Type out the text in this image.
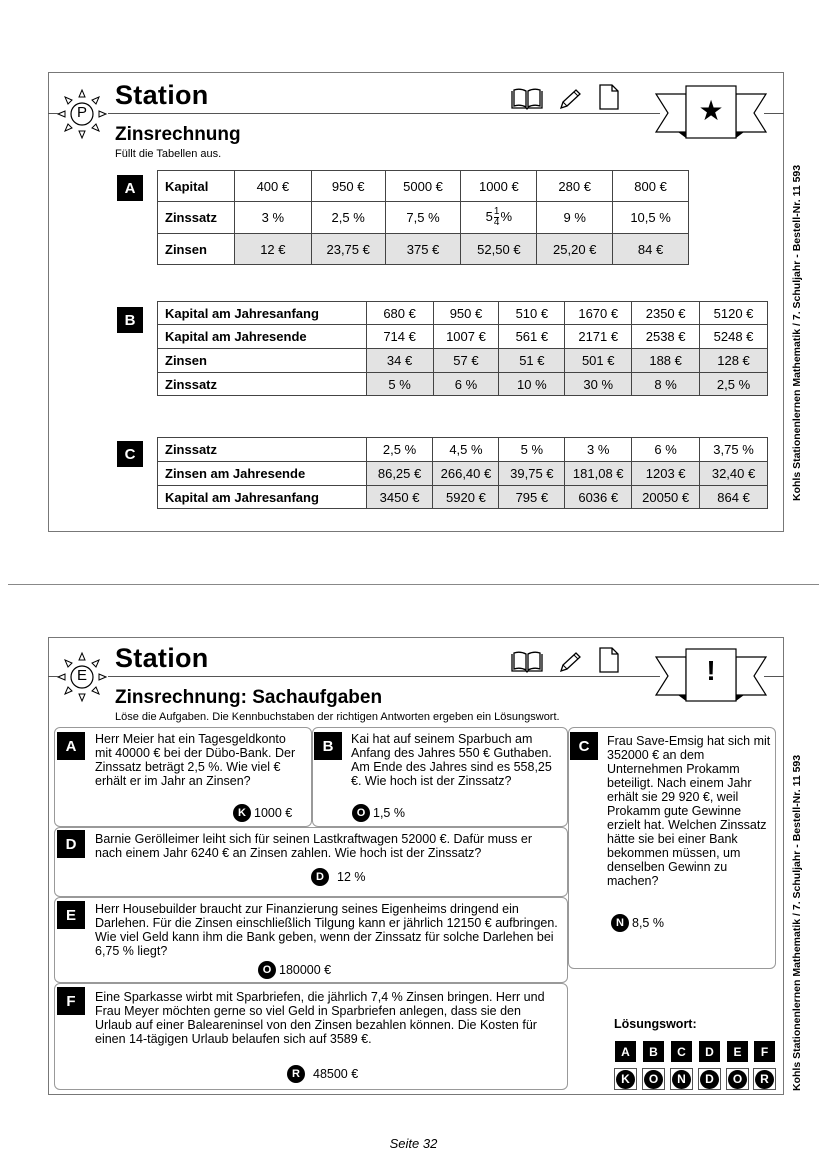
P
Station	★
Kohls Stationenlernen Mathematik / 7. Schuljahr - Bestell-Nr. 11 593
Zinsrechnung
Füllt die Tabellen aus.
A	Kapital	400 €	950 €	5000 €	1000 €	280 €	800 €
Zinssatz	3 %	2,5 %	7,5 %	$5 \frac{1}{4}$ %	9 %	10,5 %
Zinsen	12 €	23,75 €	375 €	52,50 €	25,20 €	84 €
B	Kapital am Jahresanfang	680 €	950 €	510 €	1670 €	2350 €	5120 €
Kapital am Jahresende	714 €	1007 €	561 €	2171 €	2538 €	5248 €
Zinsen	34 €	57 €	51 €	501 €	188 €	128 €
Zinssatz	5 %	6 %	10 %	30 %	8 %	2,5 %
C	Zinssatz	2,5 %	4,5 %	5 %	3 %	6 %	3,75 %
Zinsen am Jahresende	86,25 €	266,40 €	39,75 €	181,08 €	1203 €	32,40 €
Kapital am Jahresanfang	3450 €	5920 €	795 €	6036 €	20050 €	864 €
E
Station	!
Kohls Stationenlernen Mathematik / 7. Schuljahr - Bestell-Nr. 11 593
Zinsrechnung: Sachaufgaben
Löse die Aufgaben. Die Kennbuchstaben der richtigen Antworten ergeben ein Lösungswort.
A	Herr Meier hat ein Tagesgeldkonto mit 40000 € bei der Dübo-Bank. Der Zinssatz beträgt 2,5 %. Wie viel € erhält er im Jahr an Zinsen?
K 1000 €
B	Kai hat auf seinem Sparbuch am Anfang des Jahres 550 € Guthaben. Am Ende des Jahres sind es 558,25 €. Wie hoch ist der Zinssatz?
O 1,5 %
C	Frau Save-Emsig hat sich mit 352000 € an dem Unternehmen Prokamm beteiligt. Nach einem Jahr erhält sie 29 920 €, weil Prokamm gute Gewinne erzielt hat. Welchen Zinssatz hätte sie bei einer Bank bekommen müssen, um denselben Gewinn zu machen?
N 8,5 %
D	Barnie Gerölleimer leiht sich für seinen Lastkraftwagen 52000 €. Dafür muss er nach einem Jahr 6240 € an Zinsen zahlen. Wie hoch ist der Zinssatz?
D	12 %
E	Herr Housebuilder braucht zur Finanzierung seines Eigenheims dringend ein Darlehen. Für die Zinsen einschließlich Tilgung kann er jährlich 12150 € aufbringen. Wie viel Geld kann ihm die Bank geben, wenn der Zinssatz für solche Darlehen bei 6,75 % liegt?
O 180000 €
F	Eine Sparkasse wirbt mit Sparbriefen, die jährlich 7,4 % Zinsen bringen. Herr und Frau Meyer möchten gerne so viel Geld in Sparbriefen anlegen, dass sie den Urlaub auf einer Baleareninsel von den Zinsen bezahlen können. Die Kosten für einen 14-tägigen Urlaub belaufen sich auf 3589 €.
R	48500 €
Lösungswort:
A	B	C	D	E	F
K	O	N	D	O	R
Seite 32
